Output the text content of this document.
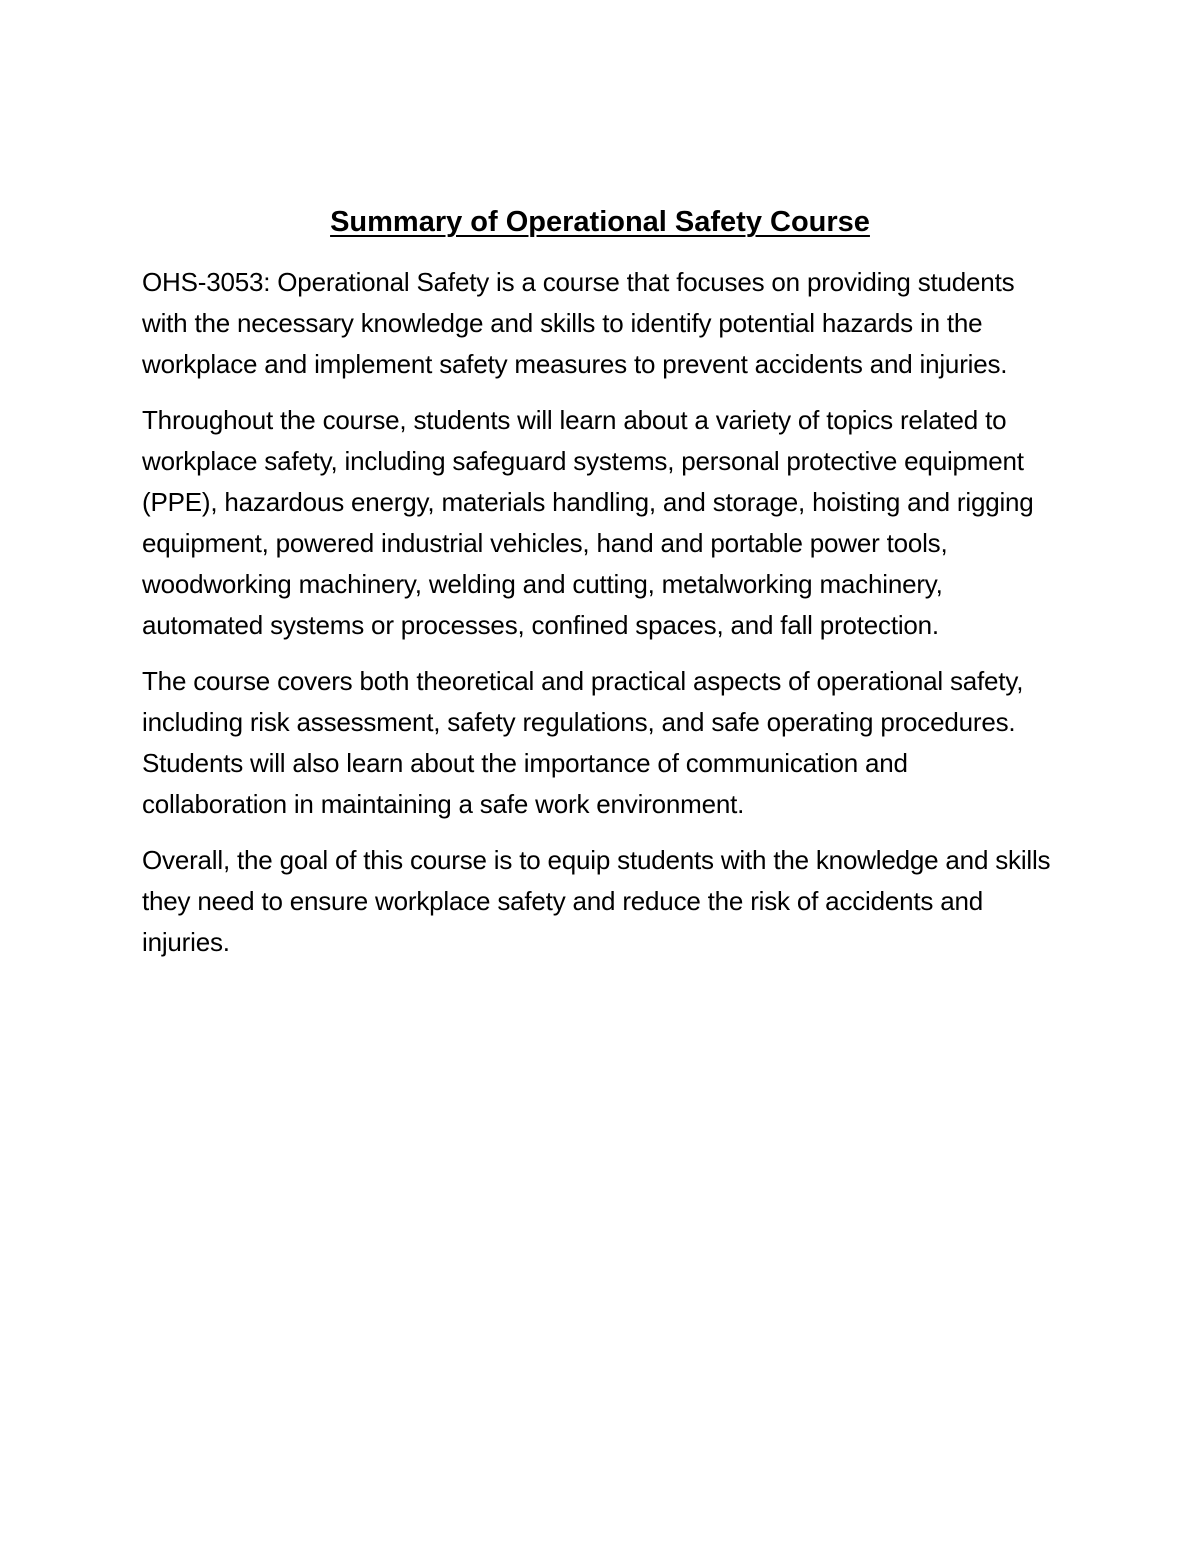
Summary of Operational Safety Course

OHS-3053: Operational Safety is a course that focuses on providing students with the necessary knowledge and skills to identify potential hazards in the workplace and implement safety measures to prevent accidents and injuries.

Throughout the course, students will learn about a variety of topics related to workplace safety, including safeguard systems, personal protective equipment (PPE), hazardous energy, materials handling, and storage, hoisting and rigging equipment, powered industrial vehicles, hand and portable power tools, woodworking machinery, welding and cutting, metalworking machinery, automated systems or processes, confined spaces, and fall protection.

The course covers both theoretical and practical aspects of operational safety, including risk assessment, safety regulations, and safe operating procedures. Students will also learn about the importance of communication and collaboration in maintaining a safe work environment.

Overall, the goal of this course is to equip students with the knowledge and skills they need to ensure workplace safety and reduce the risk of accidents and injuries.
